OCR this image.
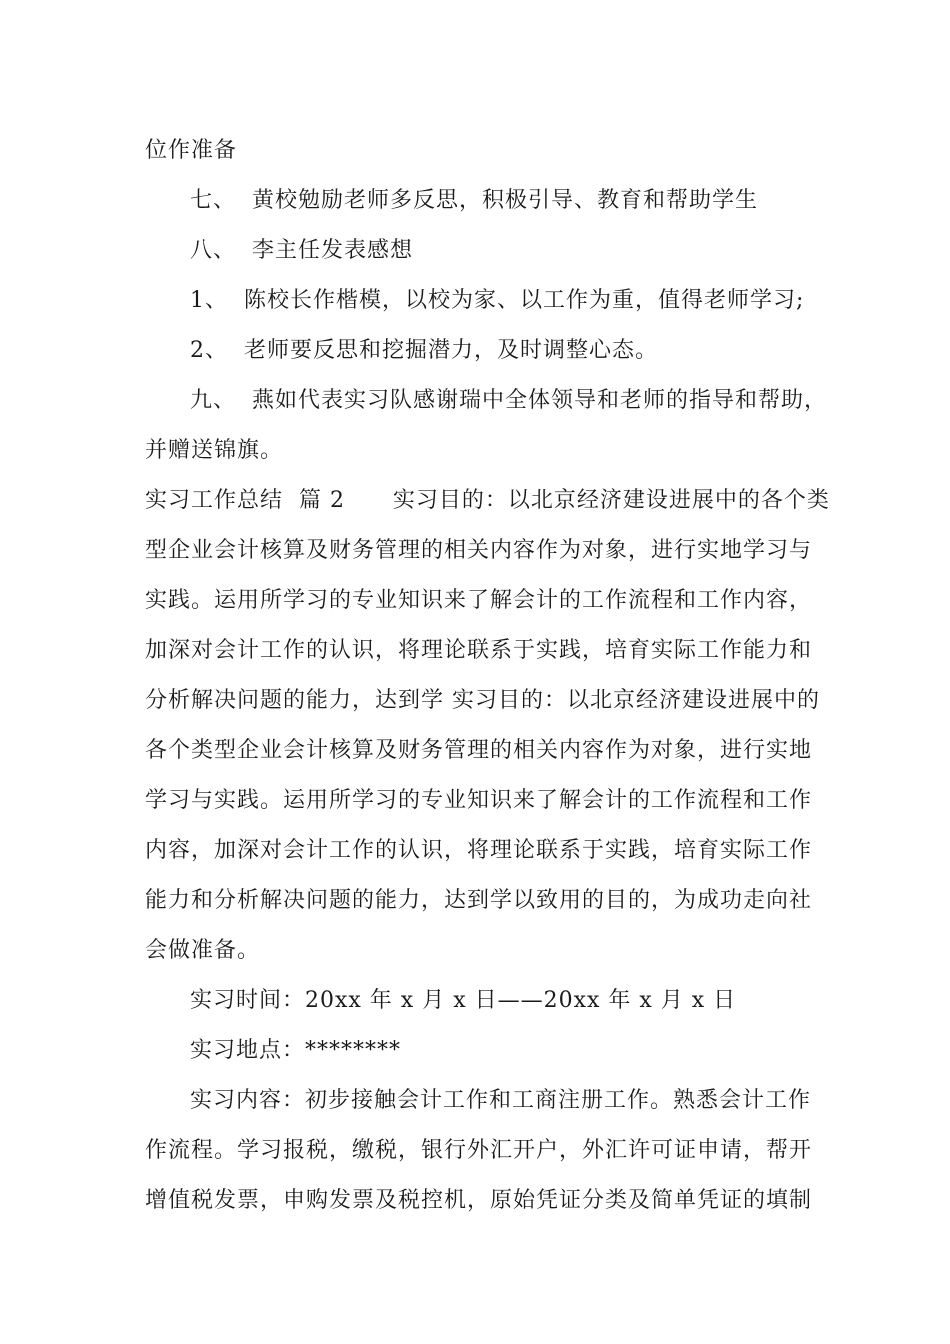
位作准备
七、  黄校勉励老师多反思，积极引导、教育和帮助学生
八、  李主任发表感想
1、  陈校长作楷模，以校为家、以工作为重，值得老师学习;
2、  老师要反思和挖掘潜力，及时调整心态。
九、  燕如代表实习队感谢瑞中全体领导和老师的指导和帮助，
并赠送锦旗。
实习工作总结  篇 2      实习目的：以北京经济建设进展中的各个类
型企业会计核算及财务管理的相关内容作为对象，进行实地学习与
实践。运用所学习的专业知识来了解会计的工作流程和工作内容，
加深对会计工作的认识，将理论联系于实践，培育实际工作能力和
分析解决问题的能力，达到学 实习目的：以北京经济建设进展中的
各个类型企业会计核算及财务管理的相关内容作为对象，进行实地
学习与实践。运用所学习的专业知识来了解会计的工作流程和工作
内容，加深对会计工作的认识，将理论联系于实践，培育实际工作
能力和分析解决问题的能力，达到学以致用的目的，为成功走向社
会做准备。
实习时间：20xx 年 x 月 x 日——20xx 年 x 月 x 日
实习地点：********
实习内容：初步接触会计工作和工商注册工作。熟悉会计工作
作流程。学习报税，缴税，银行外汇开户，外汇许可证申请，帮开
增值税发票，申购发票及税控机，原始凭证分类及简单凭证的填制
